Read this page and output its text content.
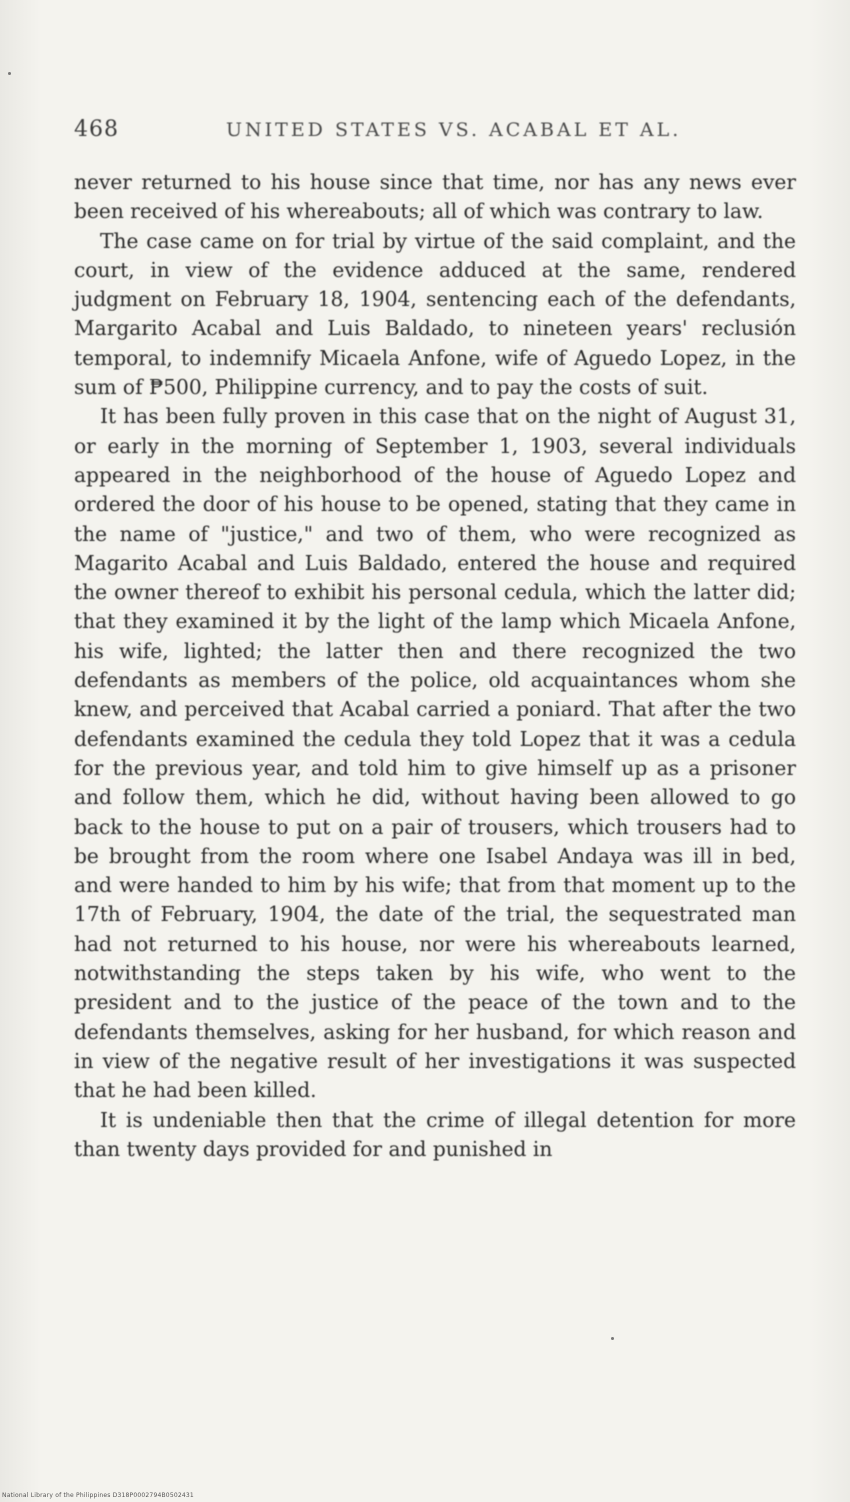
468	UNITED STATES VS. ACABAL ET AL.

never returned to his house since that time, nor has any news ever been received of his whereabouts; all of which was contrary to law.

The case came on for trial by virtue of the said complaint, and the court, in view of the evidence adduced at the same, rendered judgment on February 18, 1904, sentencing each of the defendants, Margarito Acabal and Luis Baldado, to nineteen years' reclusión temporal, to indemnify Micaela Anfone, wife of Aguedo Lopez, in the sum of ₱500, Philippine currency, and to pay the costs of suit.

It has been fully proven in this case that on the night of August 31, or early in the morning of September 1, 1903, several individuals appeared in the neighborhood of the house of Aguedo Lopez and ordered the door of his house to be opened, stating that they came in the name of "justice," and two of them, who were recognized as Magarito Acabal and Luis Baldado, entered the house and required the owner thereof to exhibit his personal cedula, which the latter did; that they examined it by the light of the lamp which Micaela Anfone, his wife, lighted; the latter then and there recognized the two defendants as members of the police, old acquaintances whom she knew, and perceived that Acabal carried a poniard. That after the two defendants examined the cedula they told Lopez that it was a cedula for the previous year, and told him to give himself up as a prisoner and follow them, which he did, without having been allowed to go back to the house to put on a pair of trousers, which trousers had to be brought from the room where one Isabel Andaya was ill in bed, and were handed to him by his wife; that from that moment up to the 17th of February, 1904, the date of the trial, the sequestrated man had not returned to his house, nor were his whereabouts learned, notwithstanding the steps taken by his wife, who went to the president and to the justice of the peace of the town and to the defendants themselves, asking for her husband, for which reason and in view of the negative result of her investigations it was suspected that he had been killed.

It is undeniable then that the crime of illegal detention for more than twenty days provided for and punished in

National Library of the Philippines D318P0002794B0502431
